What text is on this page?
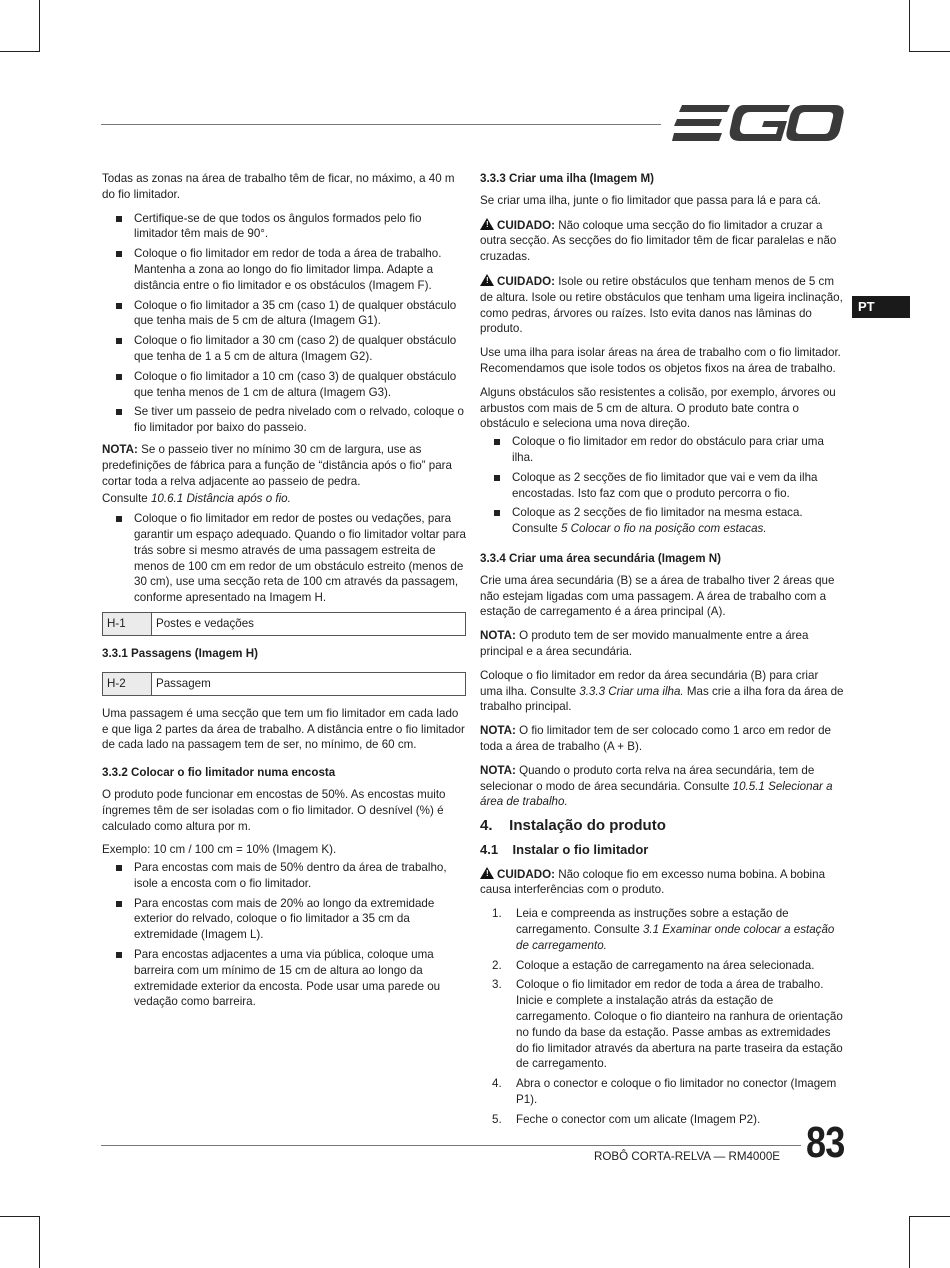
PT

Todas as zonas na área de trabalho têm de ficar, no máximo, a 40 m do fio limitador.

Certifique-se de que todos os ângulos formados pelo fio limitador têm mais de 90°.
Coloque o fio limitador em redor de toda a área de trabalho. Mantenha a zona ao longo do fio limitador limpa. Adapte a distância entre o fio limitador e os obstáculos (Imagem F).
Coloque o fio limitador a 35 cm (caso 1) de qualquer obstáculo que tenha mais de 5 cm de altura (Imagem G1).
Coloque o fio limitador a 30 cm (caso 2) de qualquer obstáculo que tenha de 1 a 5 cm de altura (Imagem G2).
Coloque o fio limitador a 10 cm (caso 3) de qualquer obstáculo que tenha menos de 1 cm de altura (Imagem G3).
Se tiver um passeio de pedra nivelado com o relvado, coloque o fio limitador por baixo do passeio.

NOTA: Se o passeio tiver no mínimo 30 cm de largura, use as predefinições de fábrica para a função de “distância após o fio” para cortar toda a relva adjacente ao passeio de pedra.

Consulte 10.6.1 Distância após o fio.

Coloque o fio limitador em redor de postes ou vedações, para garantir um espaço adequado. Quando o fio limitador voltar para trás sobre si mesmo através de uma passagem estreita de menos de 100 cm em redor de um obstáculo estreito (menos de 30 cm), use uma secção reta de 100 cm através da passagem, conforme apresentado na Imagem H.
H-1	Postes e vedações
3.3.1 Passagens (Imagem H)
H-2	Passagem

Uma passagem é uma secção que tem um fio limitador em cada lado e que liga 2 partes da área de trabalho. A distância entre o fio limitador de cada lado na passagem tem de ser, no mínimo, de 60 cm.

3.3.2 Colocar o fio limitador numa encosta

O produto pode funcionar em encostas de 50%. As encostas muito íngremes têm de ser isoladas com o fio limitador. O desnível (%) é calculado como altura por m.

Exemplo: 10 cm / 100 cm = 10% (Imagem K).

Para encostas com mais de 50% dentro da área de trabalho, isole a encosta com o fio limitador.
Para encostas com mais de 20% ao longo da extremidade exterior do relvado, coloque o fio limitador a 35 cm da extremidade (Imagem L).
Para encostas adjacentes a uma via pública, coloque uma barreira com um mínimo de 15 cm de altura ao longo da extremidade exterior da encosta. Pode usar uma parede ou vedação como barreira.
3.3.3 Criar uma ilha (Imagem M)

Se criar uma ilha, junte o fio limitador que passa para lá e para cá.

! CUIDADO: Não coloque uma secção do fio limitador a cruzar a outra secção. As secções do fio limitador têm de ficar paralelas e não cruzadas.

! CUIDADO: Isole ou retire obstáculos que tenham menos de 5 cm de altura. Isole ou retire obstáculos que tenham uma ligeira inclinação, como pedras, árvores ou raízes. Isto evita danos nas lâminas do produto.

Use uma ilha para isolar áreas na área de trabalho com o fio limitador. Recomendamos que isole todos os objetos fixos na área de trabalho.

Alguns obstáculos são resistentes a colisão, por exemplo, árvores ou arbustos com mais de 5 cm de altura. O produto bate contra o obstáculo e seleciona uma nova direção.

Coloque o fio limitador em redor do obstáculo para criar uma ilha.
Coloque as 2 secções de fio limitador que vai e vem da ilha encostadas. Isto faz com que o produto percorra o fio.
Coloque as 2 secções de fio limitador na mesma estaca. Consulte 5 Colocar o fio na posição com estacas.
3.3.4 Criar uma área secundária (Imagem N)

Crie uma área secundária (B) se a área de trabalho tiver 2 áreas que não estejam ligadas com uma passagem. A área de trabalho com a estação de carregamento é a área principal (A).

NOTA: O produto tem de ser movido manualmente entre a área principal e a área secundária.

Coloque o fio limitador em redor da área secundária (B) para criar uma ilha. Consulte 3.3.3 Criar uma ilha. Mas crie a ilha fora da área de trabalho principal.

NOTA: O fio limitador tem de ser colocado como 1 arco em redor de toda a área de trabalho (A + B).

NOTA: Quando o produto corta relva na área secundária, tem de selecionar o modo de área secundária. Consulte 10.5.1 Selecionar a área de trabalho.

4.    Instalação do produto
4.1    Instalar o fio limitador

! CUIDADO: Não coloque fio em excesso numa bobina. A bobina causa interferências com o produto.

1. Leia e compreenda as instruções sobre a estação de carregamento. Consulte 3.1 Examinar onde colocar a estação de carregamento.
2. Coloque a estação de carregamento na área selecionada.
3. Coloque o fio limitador em redor de toda a área de trabalho. Inicie e complete a instalação atrás da estação de carregamento. Coloque o fio dianteiro na ranhura de orientação no fundo da base da estação. Passe ambas as extremidades do fio limitador através da abertura na parte traseira da estação de carregamento.
4. Abra o conector e coloque o fio limitador no conector (Imagem P1).
5. Feche o conector com um alicate (Imagem P2).
ROBÔ CORTA-RELVA — RM4000E 83
